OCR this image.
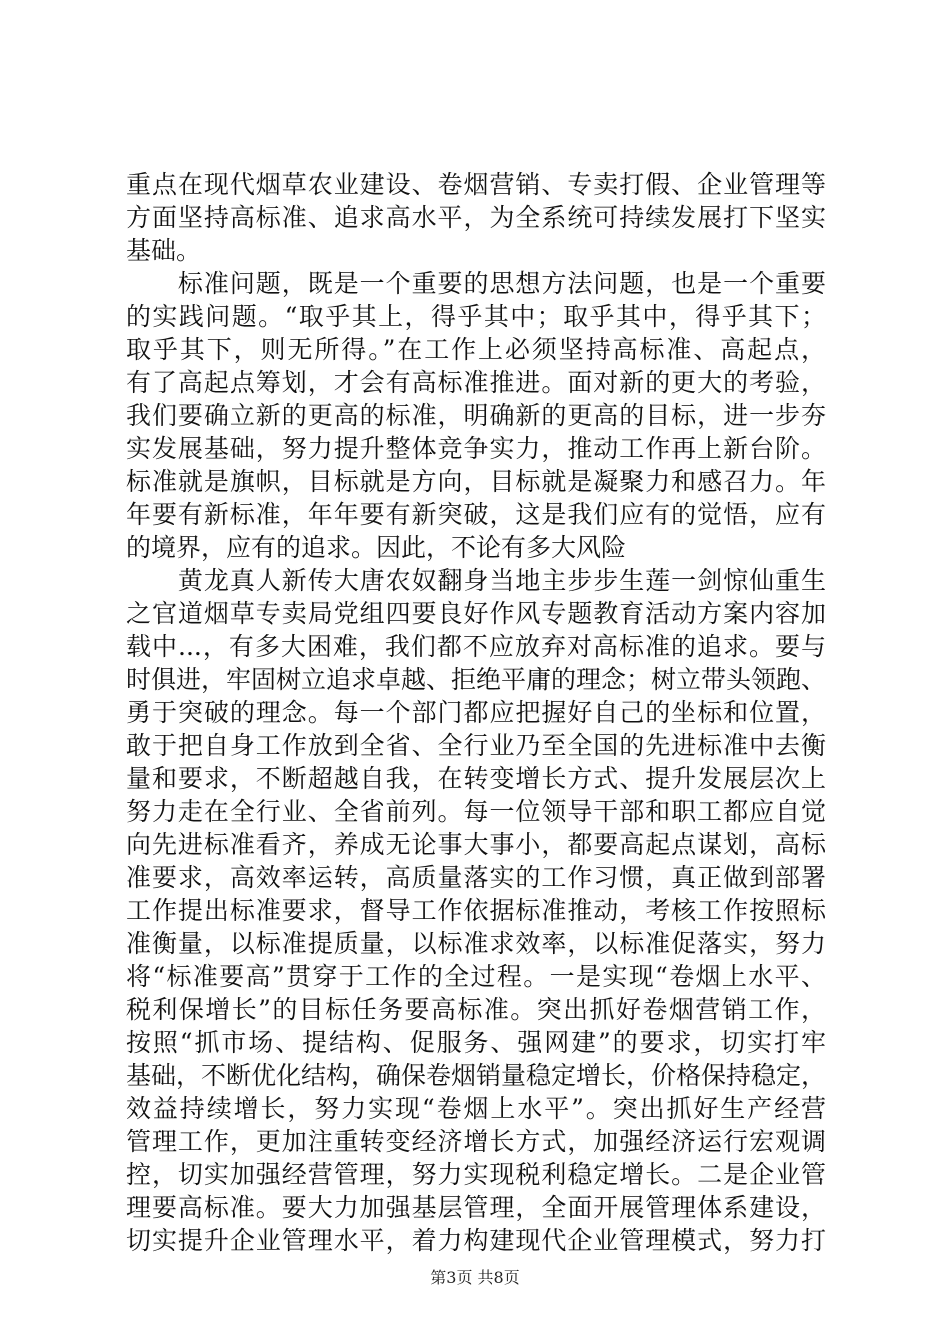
重点在现代烟草农业建设、卷烟营销、专卖打假、企业管理等
方面坚持高标准、追求高水平，为全系统可持续发展打下坚实
基础。
　　标准问题，既是一个重要的思想方法问题，也是一个重要
的实践问题。“取乎其上，得乎其中；取乎其中，得乎其下；
取乎其下，则无所得。”在工作上必须坚持高标准、高起点，
有了高起点筹划，才会有高标准推进。面对新的更大的考验，
我们要确立新的更高的标准，明确新的更高的目标，进一步夯
实发展基础，努力提升整体竞争实力，推动工作再上新台阶。
标准就是旗帜，目标就是方向，目标就是凝聚力和感召力。年
年要有新标准，年年要有新突破，这是我们应有的觉悟，应有
的境界，应有的追求。因此，不论有多大风险
　　黄龙真人新传大唐农奴翻身当地主步步生莲一剑惊仙重生
之官道烟草专卖局党组四要良好作风专题教育活动方案内容加
载中...，有多大困难，我们都不应放弃对高标准的追求。要与
时俱进，牢固树立追求卓越、拒绝平庸的理念；树立带头领跑、
勇于突破的理念。每一个部门都应把握好自己的坐标和位置，
敢于把自身工作放到全省、全行业乃至全国的先进标准中去衡
量和要求，不断超越自我，在转变增长方式、提升发展层次上
努力走在全行业、全省前列。每一位领导干部和职工都应自觉
向先进标准看齐，养成无论事大事小，都要高起点谋划，高标
准要求，高效率运转，高质量落实的工作习惯，真正做到部署
工作提出标准要求，督导工作依据标准推动，考核工作按照标
准衡量，以标准提质量，以标准求效率，以标准促落实，努力
将“标准要高”贯穿于工作的全过程。一是实现“卷烟上水平、
税利保增长”的目标任务要高标准。突出抓好卷烟营销工作，
按照“抓市场、提结构、促服务、强网建”的要求，切实打牢
基础，不断优化结构，确保卷烟销量稳定增长，价格保持稳定，
效益持续增长，努力实现“卷烟上水平”。突出抓好生产经营
管理工作，更加注重转变经济增长方式，加强经济运行宏观调
控，切实加强经营管理，努力实现税利稳定增长。二是企业管
理要高标准。要大力加强基层管理，全面开展管理体系建设，
切实提升企业管理水平，着力构建现代企业管理模式，努力打
第3页 共8页
